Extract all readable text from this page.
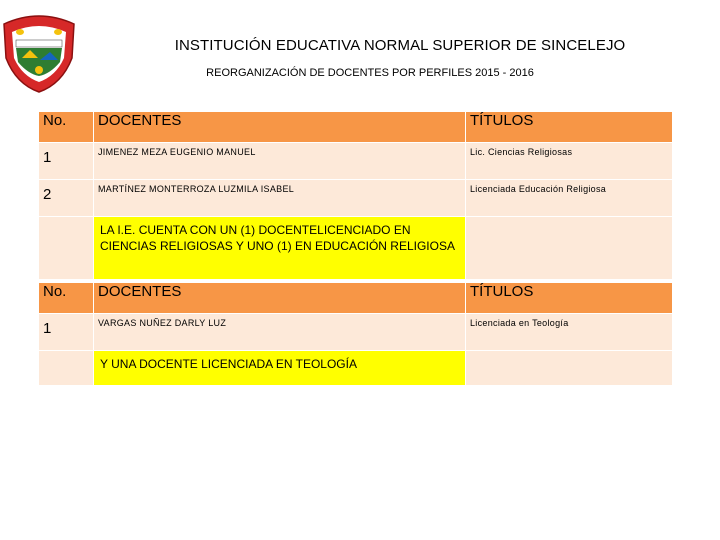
INSTITUCIÓN EDUCATIVA NORMAL SUPERIOR DE SINCELEJO
REORGANIZACIÓN DE DOCENTES POR PERFILES 2015 - 2016
No.	DOCENTES	TÍTULOS
1	JIMENEZ MEZA EUGENIO MANUEL	Lic. Ciencias Religiosas
2	MARTÍNEZ MONTERROZA LUZMILA ISABEL	Licenciada Educación Religiosa
	LA I.E. CUENTA CON UN (1) DOCENTELICENCIADO EN CIENCIAS RELIGIOSAS Y UNO (1) EN EDUCACIÓN RELIGIOSA	
No.	DOCENTES	TÍTULOS
1	VARGAS NUÑEZ DARLY LUZ	Licenciada en Teología
	Y UNA DOCENTE LICENCIADA EN TEOLOGÍA	
